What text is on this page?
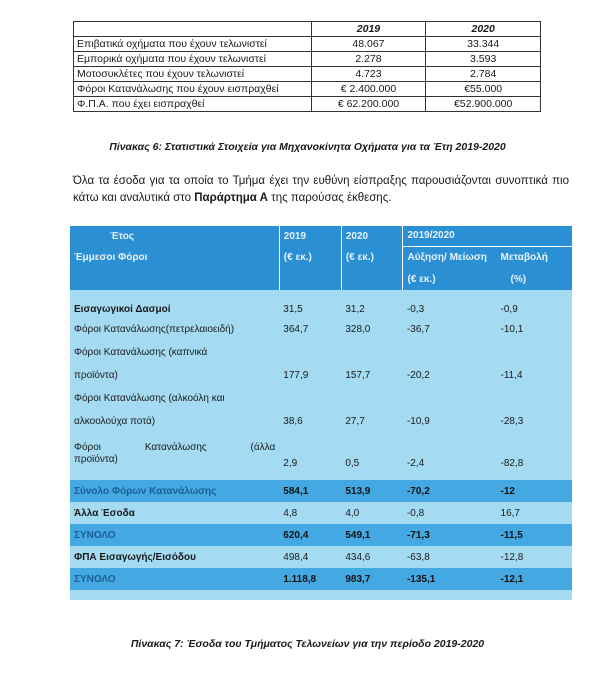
	2019	2020
Επιβατικά οχήματα που έχουν τελωνιστεί	48.067	33.344
Εμπορικά οχήματα που έχουν τελωνιστεί	2.278	3.593
Μοτοσυκλέτες που έχουν τελωνιστεί	4.723	2.784
Φόροι Κατανάλωσης που έχουν εισπραχθεί	€ 2.400.000	€55.000
Φ.Π.Α. που έχει εισπραχθεί	€ 62.200.000	€52.900.000
Πίνακας 6: Στατιστικά Στοιχεία για Μηχανοκίνητα Οχήματα για τα Έτη 2019-2020
Όλα τα έσοδα για τα οποία το Τμήμα έχει την ευθύνη είσπραξης παρουσιάζονται συνοπτικά πιο κάτω και αναλυτικά στο Παράρτημα Α της παρούσας έκθεσης.
Έτος	2019	2020	2019/2020	
Έμμεσοι Φόροι	(€ εκ.)	(€ εκ.)	Αύξηση/ Μείωση	Μεταβολή
			(€ εκ.)	(%)

Εισαγωγικοί Δασμοί	31,5	31,2	-0,3	-0,9
Φόροι Κατανάλωσης(πετρελαιοειδή)	364,7	328,0	-36,7	-10,1
Φόροι Κατανάλωσης (καπνικά				
προϊόντα)	177,9	157,7	-20,2	-11,4
Φόροι Κατανάλωσης (αλκοόλη και				
αλκοολούχα ποτά)	38,6	27,7	-10,9	-28,3
Φόροι Κατανάλωσης (άλλα				
προϊόντα)	2,9	0,5	-2,4	-82,8

Σύνολο Φόρων Κατανάλωσης	584,1	513,9	-70,2	-12
Άλλα Έσοδα	4,8	4,0	-0,8	16,7
ΣΥΝΟΛΟ	620,4	549,1	-71,3	-11,5
ΦΠΑ Εισαγωγής/Εισόδου	498,4	434,6	-63,8	-12,8
ΣΥΝΟΛΟ	1.118,8	983,7	-135,1	-12,1
Πίνακας 7: Έσοδα του Τμήματος Τελωνείων για την περίοδο 2019-2020
